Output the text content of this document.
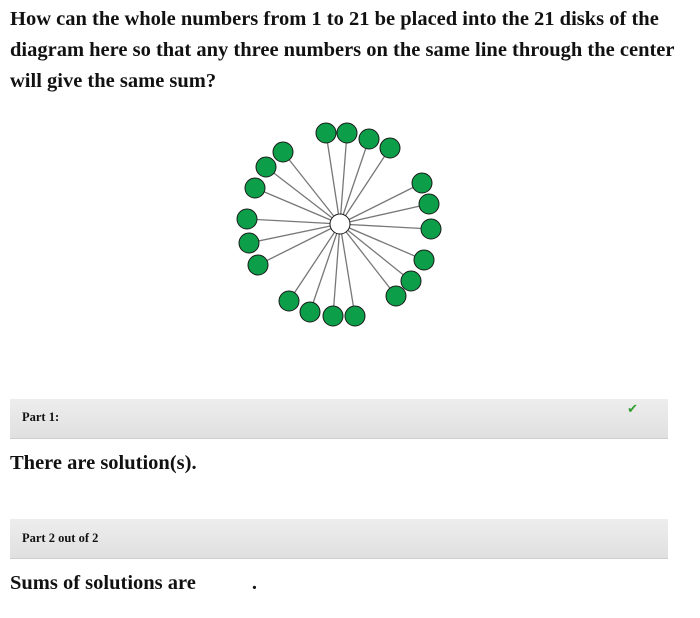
How can the whole numbers from 1 to 21 be placed into the 21 disks of the diagram here so that any three numbers on the same line through the center will give the same sum?

Part 1:
✔

There are solution(s).

Part 2 out of 2

Sums of solutions are	.
